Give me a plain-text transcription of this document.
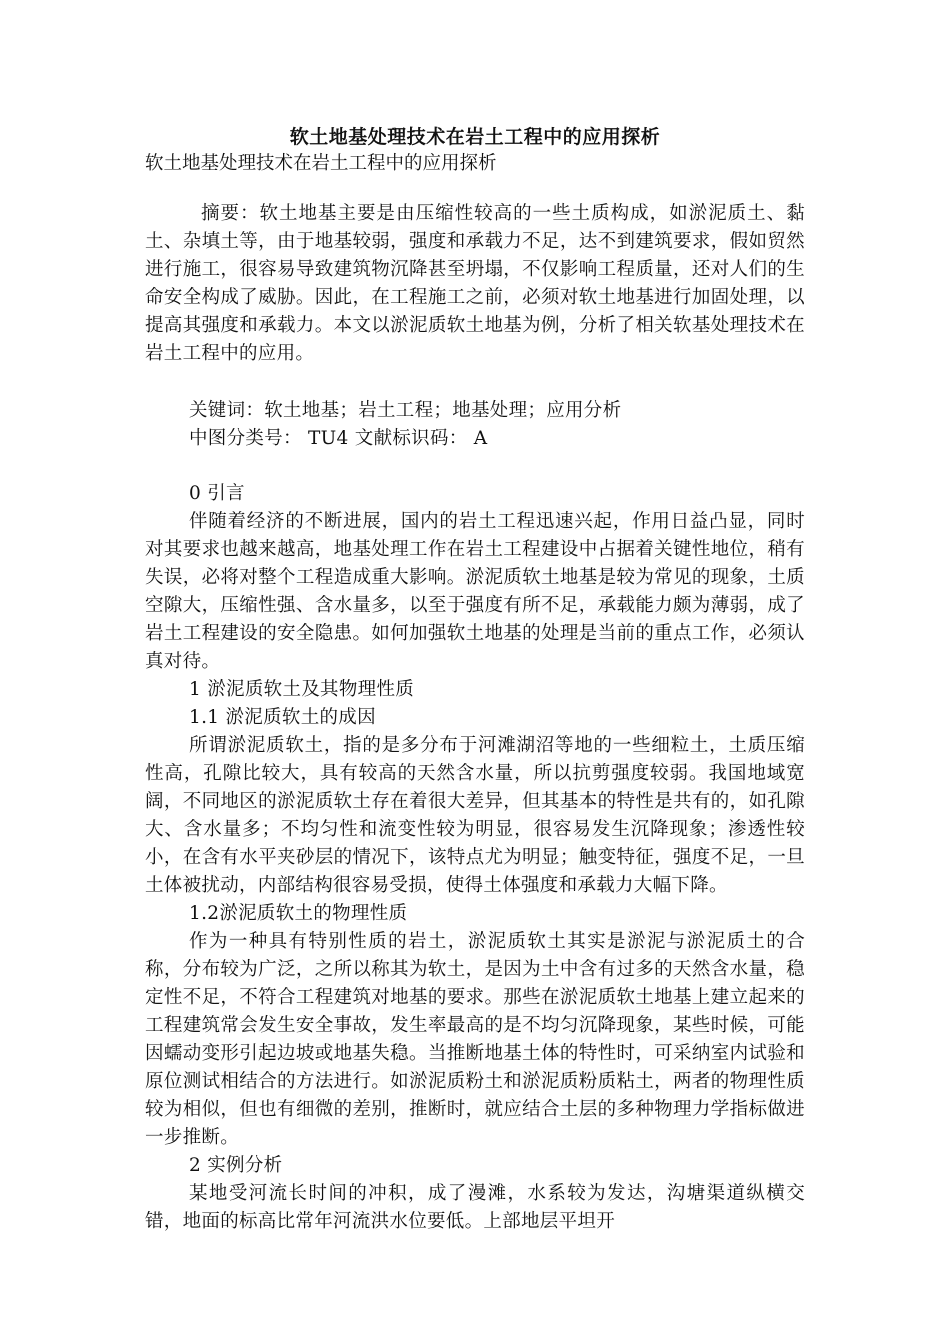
软土地基处理技术在岩土工程中的应用探析
软土地基处理技术在岩土工程中的应用探析
摘要：软土地基主要是由压缩性较高的一些土质构成，如淤泥质土、黏土、杂填土等，由于地基较弱，强度和承载力不足，达不到建筑要求，假如贸然进行施工，很容易导致建筑物沉降甚至坍塌，不仅影响工程质量，还对人们的生命安全构成了威胁。因此，在工程施工之前，必须对软土地基进行加固处理，以提高其强度和承载力。本文以淤泥质软土地基为例，分析了相关软基处理技术在岩土工程中的应用。

关键词：软土地基；岩土工程；地基处理；应用分析

中图分类号： TU4 文献标识码： A

0 引言

伴随着经济的不断进展，国内的岩土工程迅速兴起，作用日益凸显，同时对其要求也越来越高，地基处理工作在岩土工程建设中占据着关键性地位，稍有失误，必将对整个工程造成重大影响。淤泥质软土地基是较为常见的现象，土质空隙大，压缩性强、含水量多，以至于强度有所不足，承载能力颇为薄弱，成了岩土工程建设的安全隐患。如何加强软土地基的处理是当前的重点工作，必须认真对待。

1 淤泥质软土及其物理性质

1.1 淤泥质软土的成因

所谓淤泥质软土，指的是多分布于河滩湖沼等地的一些细粒土，土质压缩性高，孔隙比较大，具有较高的天然含水量，所以抗剪强度较弱。我国地域宽阔，不同地区的淤泥质软土存在着很大差异，但其基本的特性是共有的，如孔隙大、含水量多；不均匀性和流变性较为明显，很容易发生沉降现象；渗透性较小，在含有水平夹砂层的情况下，该特点尤为明显；触变特征，强度不足，一旦土体被扰动，内部结构很容易受损，使得土体强度和承载力大幅下降。

1.2淤泥质软土的物理性质

作为一种具有特别性质的岩土，淤泥质软土其实是淤泥与淤泥质土的合称，分布较为广泛，之所以称其为软土，是因为土中含有过多的天然含水量，稳定性不足，不符合工程建筑对地基的要求。那些在淤泥质软土地基上建立起来的工程建筑常会发生安全事故，发生率最高的是不均匀沉降现象，某些时候，可能因蠕动变形引起边坡或地基失稳。当推断地基土体的特性时，可采纳室内试验和原位测试相结合的方法进行。如淤泥质粉土和淤泥质粉质粘土，两者的物理性质较为相似，但也有细微的差别，推断时，就应结合土层的多种物理力学指标做进一步推断。

2 实例分析

某地受河流长时间的冲积，成了漫滩，水系较为发达，沟塘渠道纵横交错，地面的标高比常年河流洪水位要低。上部地层平坦开
